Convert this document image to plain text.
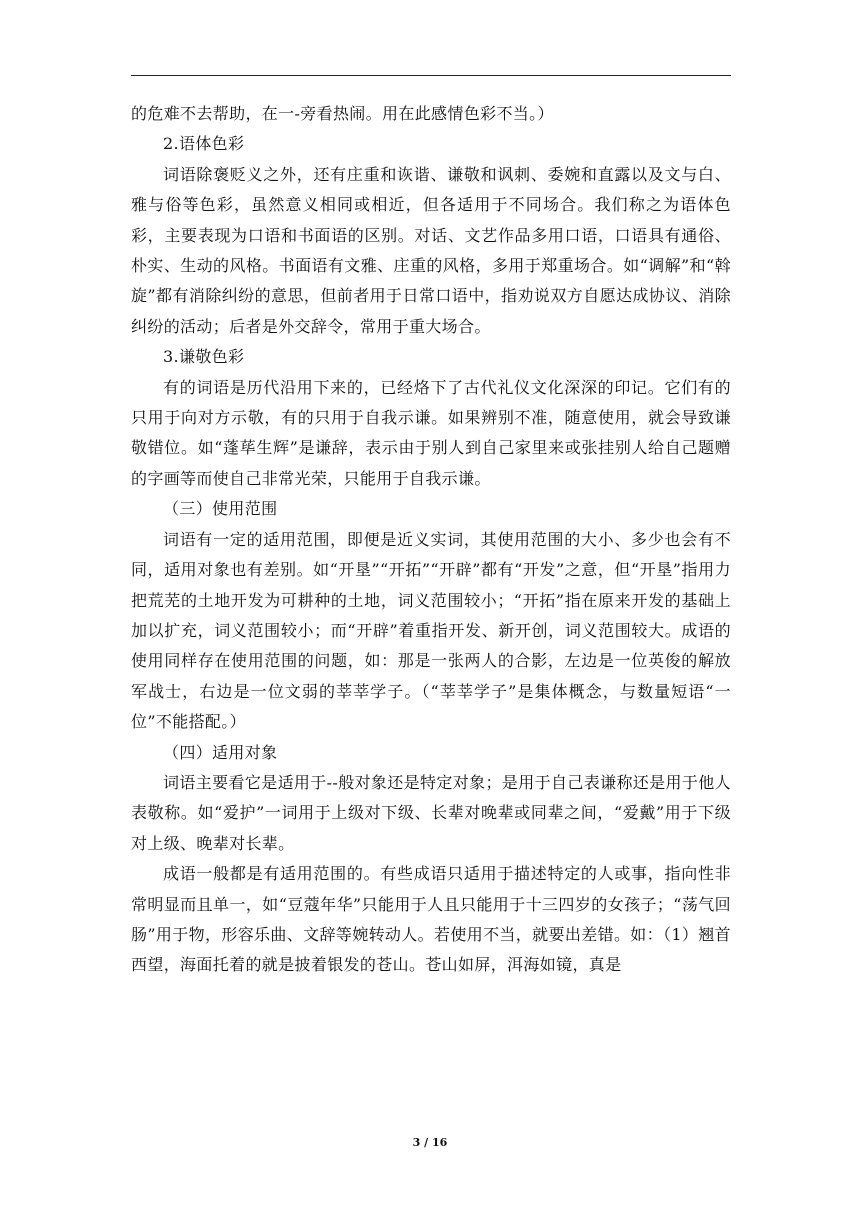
的危难不去帮助，在一-旁看热闹。用在此感情色彩不当。）

2.语体色彩

词语除褒贬义之外，还有庄重和诙谐、谦敬和讽刺、委婉和直露以及文与白、雅与俗等色彩，虽然意义相同或相近，但各适用于不同场合。我们称之为语体色彩，主要表现为口语和书面语的区别。对话、文艺作品多用口语，口语具有通俗、朴实、生动的风格。书面语有文雅、庄重的风格，多用于郑重场合。如“调解”和“斡旋”都有消除纠纷的意思，但前者用于日常口语中，指劝说双方自愿达成协议、消除纠纷的活动；后者是外交辞令，常用于重大场合。

3.谦敬色彩

有的词语是历代沿用下来的，已经烙下了古代礼仪文化深深的印记。它们有的只用于向对方示敬，有的只用于自我示谦。如果辨别不准，随意使用，就会导致谦敬错位。如“蓬荜生辉”是谦辞，表示由于别人到自己家里来或张挂别人给自己题赠的字画等而使自己非常光荣，只能用于自我示谦。

（三）使用范围

词语有一定的适用范围，即便是近义实词，其使用范围的大小、多少也会有不同，适用对象也有差别。如“开垦”“开拓”“开辟”都有“开发”之意，但“开垦”指用力把荒芜的土地开发为可耕种的土地，词义范围较小；“开拓”指在原来开发的基础上加以扩充，词义范围较小；而“开辟”着重指开发、新开创，词义范围较大。成语的使用同样存在使用范围的问题，如：那是一张两人的合影，左边是一位英俊的解放军战士，右边是一位文弱的莘莘学子。（“莘莘学子”是集体概念，与数量短语“一位”不能搭配。）

（四）适用对象

词语主要看它是适用于--般对象还是特定对象；是用于自己表谦称还是用于他人表敬称。如“爱护”一词用于上级对下级、长辈对晚辈或同辈之间，“爱戴”用于下级对上级、晚辈对长辈。

成语一般都是有适用范围的。有些成语只适用于描述特定的人或事，指向性非常明显而且单一，如“豆蔻年华”只能用于人且只能用于十三四岁的女孩子；“荡气回肠”用于物，形容乐曲、文辞等婉转动人。若使用不当，就要出差错。如：（1）翘首西望，海面托着的就是披着银发的苍山。苍山如屏，洱海如镜，真是

3 / 16
